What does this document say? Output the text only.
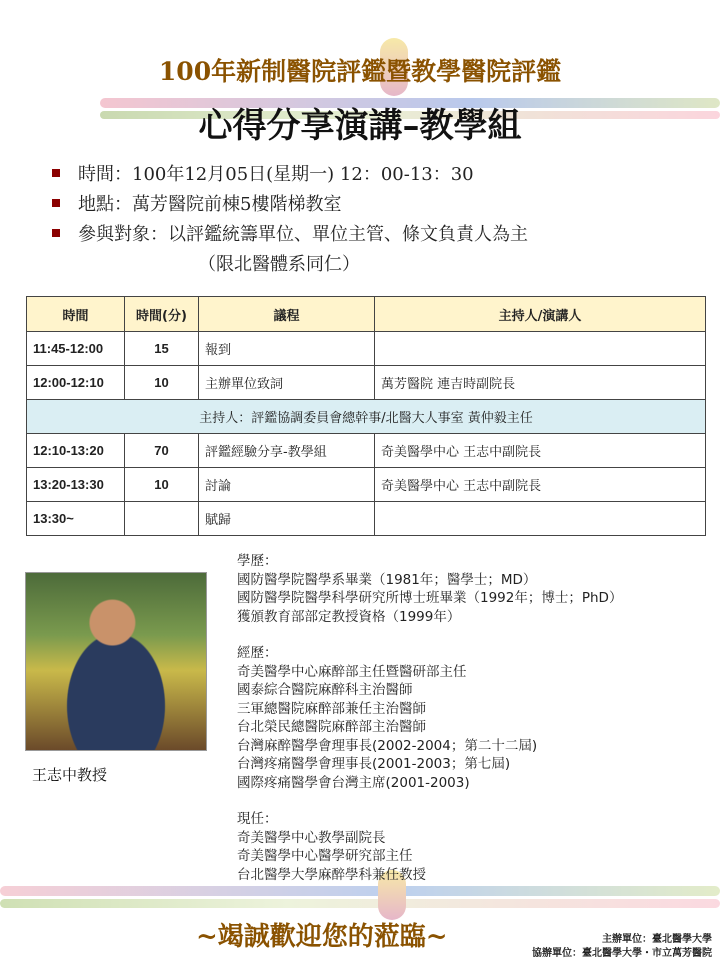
100年新制醫院評鑑暨教學醫院評鑑
心得分享演講–教學組
時間：100年12月05日(星期一) 12：00-13：30
地點：萬芳醫院前棟5樓階梯教室
參與對象：以評鑑統籌單位、單位主管、條文負責人為主
（限北醫體系同仁）
時間	時間(分)	議程	主持人/演講人
11:45-12:00	15	報到	
12:00-12:10	10	主辦單位致詞	萬芳醫院 連吉時副院長
主持人：評鑑協調委員會總幹事/北醫大人事室 黃仲毅主任			
12:10-13:20	70	評鑑經驗分享-教學組	奇美醫學中心 王志中副院長
13:20-13:30	10	討論	奇美醫學中心 王志中副院長
13:30~		賦歸	
王志中教授
學歷：
國防醫學院醫學系畢業（1981年；醫學士；MD）
國防醫學院醫學科學研究所博士班畢業（1992年；博士；PhD）
獲頒教育部部定教授資格（1999年）
經歷：
奇美醫學中心麻醉部主任暨醫研部主任
國泰綜合醫院麻醉科主治醫師
三軍總醫院麻醉部兼任主治醫師
台北榮民總醫院麻醉部主治醫師
台灣麻醉醫學會理事長(2002-2004；第二十二屆)
台灣疼痛醫學會理事長(2001-2003；第七屆)
國際疼痛醫學會台灣主席(2001-2003)
現任：
奇美醫學中心教學副院長
奇美醫學中心醫學研究部主任
台北醫學大學麻醉學科兼任教授
~竭誠歡迎您的蒞臨~	主辦單位：臺北醫學大學
協辦單位：臺北醫學大學・市立萬芳醫院
